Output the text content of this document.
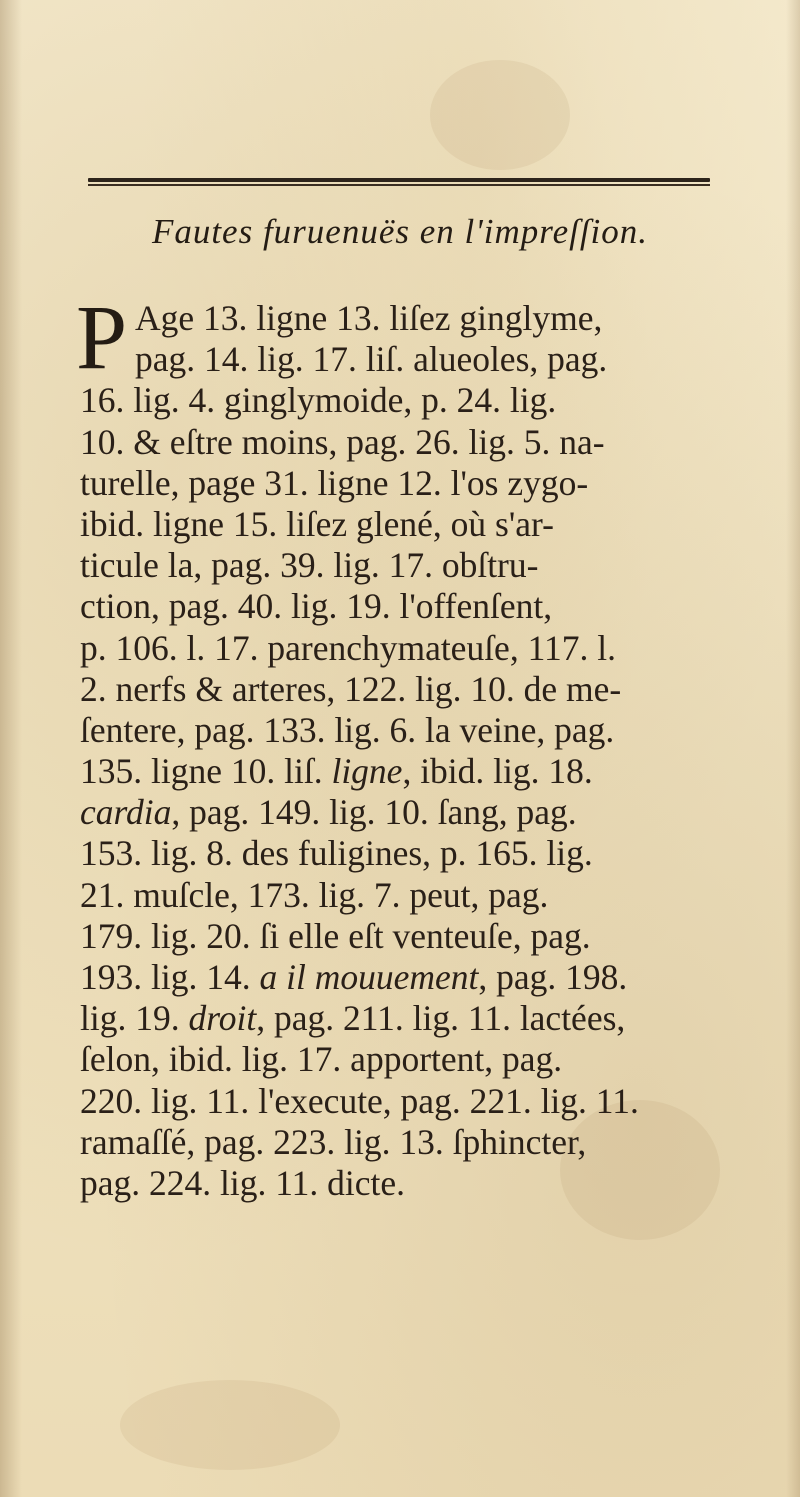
Fautes furuenuës en l'impreſſion.
P Age 13. ligne 13. liſez ginglyme,
pag. 14. lig. 17. liſ. alueoles, pag.
16. lig. 4. ginglymoide, p. 24. lig.
10. & eſtre moins, pag. 26. lig. 5. na-
turelle, page 31. ligne 12. l'os zygo-
ibid. ligne 15. liſez glené, où s'ar-
ticule la, pag. 39. lig. 17. obſtru-
ction, pag. 40. lig. 19. l'offenſent,
p. 106. l. 17. parenchymateuſe, 117. l.
2. nerfs & arteres, 122. lig. 10. de me-
ſentere, pag. 133. lig. 6. la veine, pag.
135. ligne 10. liſ. ligne, ibid. lig. 18.
cardia, pag. 149. lig. 10. ſang, pag.
153. lig. 8. des fuligines, p. 165. lig.
21. muſcle, 173. lig. 7. peut, pag.
179. lig. 20. ſi elle eſt venteuſe, pag.
193. lig. 14. a il mouuement, pag. 198.
lig. 19. droit, pag. 211. lig. 11. lactées,
ſelon, ibid. lig. 17. apportent, pag.
220. lig. 11. l'execute, pag. 221. lig. 11.
ramaſſé, pag. 223. lig. 13. ſphincter,
pag. 224. lig. 11. dicte.
